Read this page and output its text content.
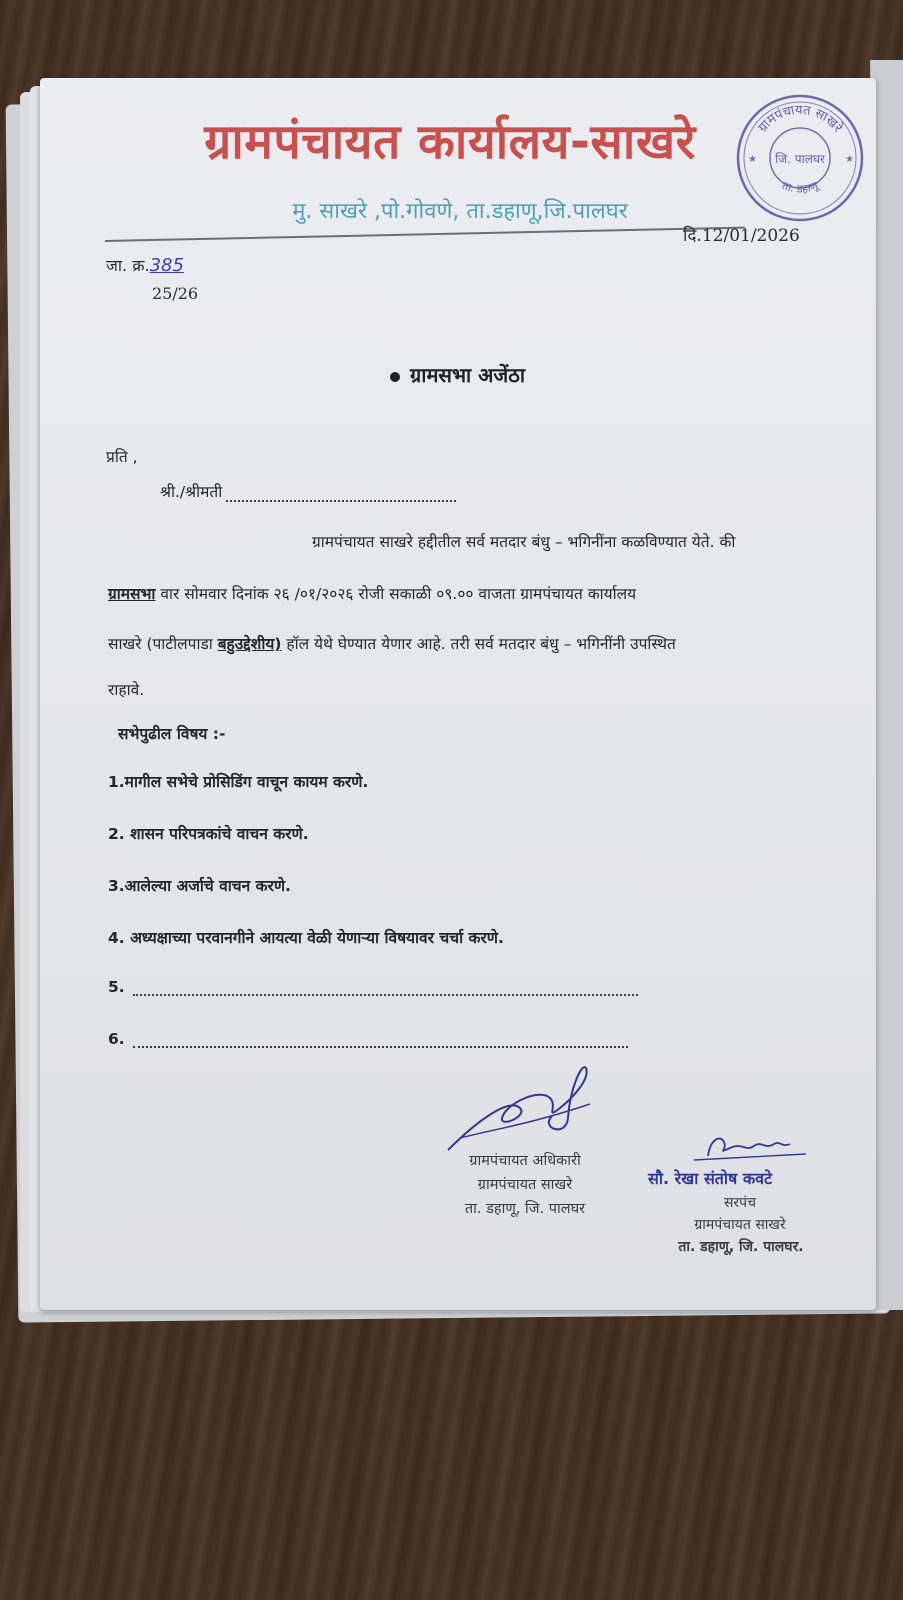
ग्रामपंचायत कार्यालय-साखरे
मु. साखरे ,पो.गोवणे, ता.डहाणू,जि.पालघर
दि.12/01/2026
ग्रामपंचायत साखरे
जि. पालघर
ता. डहाणू
★	★
जा. क्र.385
25/26
ग्रामसभा अजेंठा
प्रति ,
श्री./श्रीमती
ग्रामपंचायत साखरे हद्दीतील सर्व मतदार बंधु – भगिनींना कळविण्यात येते. की
ग्रामसभा वार सोमवार दिनांक २६ /०१/२०२६ रोजी सकाळी ०९.०० वाजता ग्रामपंचायत कार्यालय
साखरे (पाटीलपाडा बहुउद्देशीय) हॉल येथे घेण्यात येणार आहे. तरी सर्व मतदार बंधु – भगिनींनी उपस्थित
राहावे.
सभेपुढील विषय :-
1.मागील सभेचे प्रोसिडिंग वाचून कायम करणे.
2. शासन परिपत्रकांचे वाचन करणे.
3.आलेल्या अर्जाचे वाचन करणे.
4. अध्यक्षाच्या परवानगीने आयत्या वेळी येणाऱ्या विषयावर चर्चा करणे.
5.
6.
ग्रामपंचायत अधिकारी
ग्रामपंचायत साखरे
ता. डहाणू, जि. पालघर
सौ. रेखा संतोष कवटे
सरपंच
ग्रामपंचायत साखरे
ता. डहाणू, जि. पालघर.
